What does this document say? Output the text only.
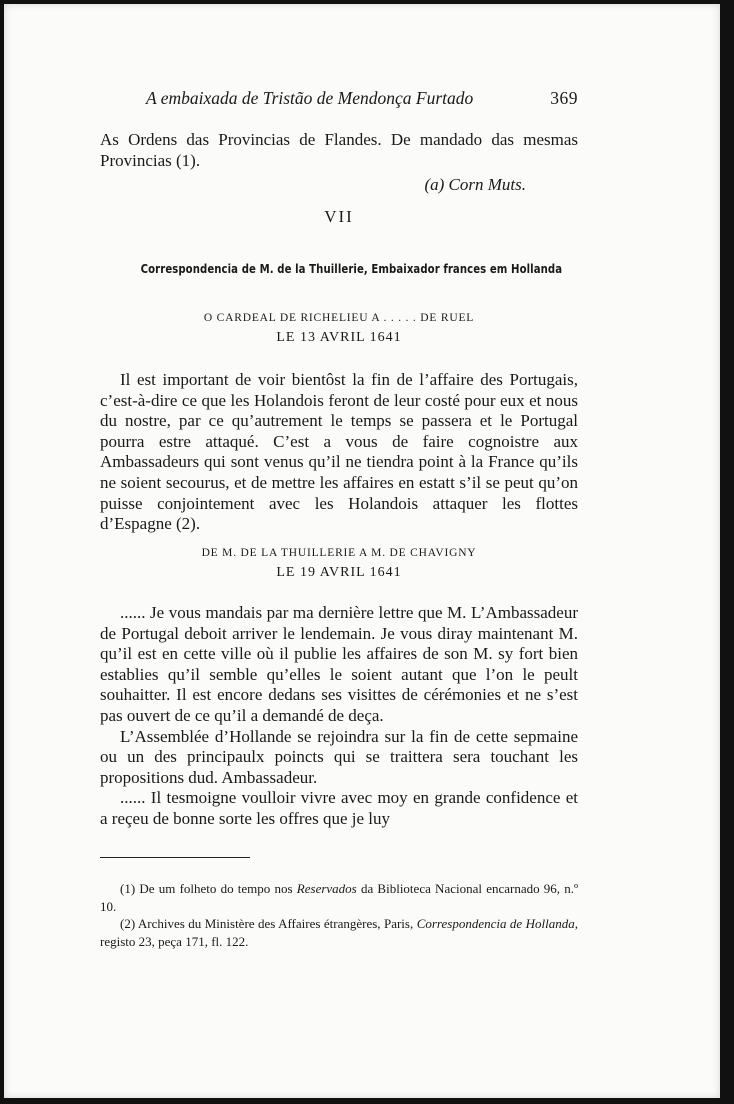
A embaixada de Tristão de Mendonça Furtado	369
As Ordens das Provincias de Flandes. De mandado das mesmas Provincias (1).
(a) Corn Muts.
VII
Correspondencia de M. de la Thuillerie, Embaixador frances em Hollanda
O CARDEAL DE RICHELIEU A . . . . . DE RUEL
LE 13 AVRIL 1641
Il est important de voir bientôst la fin de l’affaire des Portugais, c’est-à-dire ce que les Holandois feront de leur costé pour eux et nous du nostre, par ce qu’autrement le temps se passera et le Portugal pourra estre attaqué. C’est a vous de faire cognoistre aux Ambassadeurs qui sont venus qu’il ne tiendra point à la France qu’ils ne soient secourus, et de mettre les affaires en estatt s’il se peut qu’on puisse conjointement avec les Holandois attaquer les flottes d’Espagne (2).
DE M. DE LA THUILLERIE A M. DE CHAVIGNY
LE 19 AVRIL 1641
...... Je vous mandais par ma dernière lettre que M. L’Ambassadeur de Portugal deboit arriver le lendemain. Je vous diray maintenant M. qu’il est en cette ville où il publie les affaires de son M. sy fort bien establies qu’il semble qu’elles le soient autant que l’on le peult souhaitter. Il est encore dedans ses visittes de cérémonies et ne s’est pas ouvert de ce qu’il a demandé de deça.
L’Assemblée d’Hollande se rejoindra sur la fin de cette sepmaine ou un des principaulx poincts qui se traittera sera touchant les propositions dud. Ambassadeur.
...... Il tesmoigne voulloir vivre avec moy en grande confidence et a reçeu de bonne sorte les offres que je luy
(1) De um folheto do tempo nos Reservados da Biblioteca Nacional encarnado 96, n.º 10.
(2) Archives du Ministère des Affaires étrangères, Paris, Correspondencia de Hollanda, registo 23, peça 171, fl. 122.
